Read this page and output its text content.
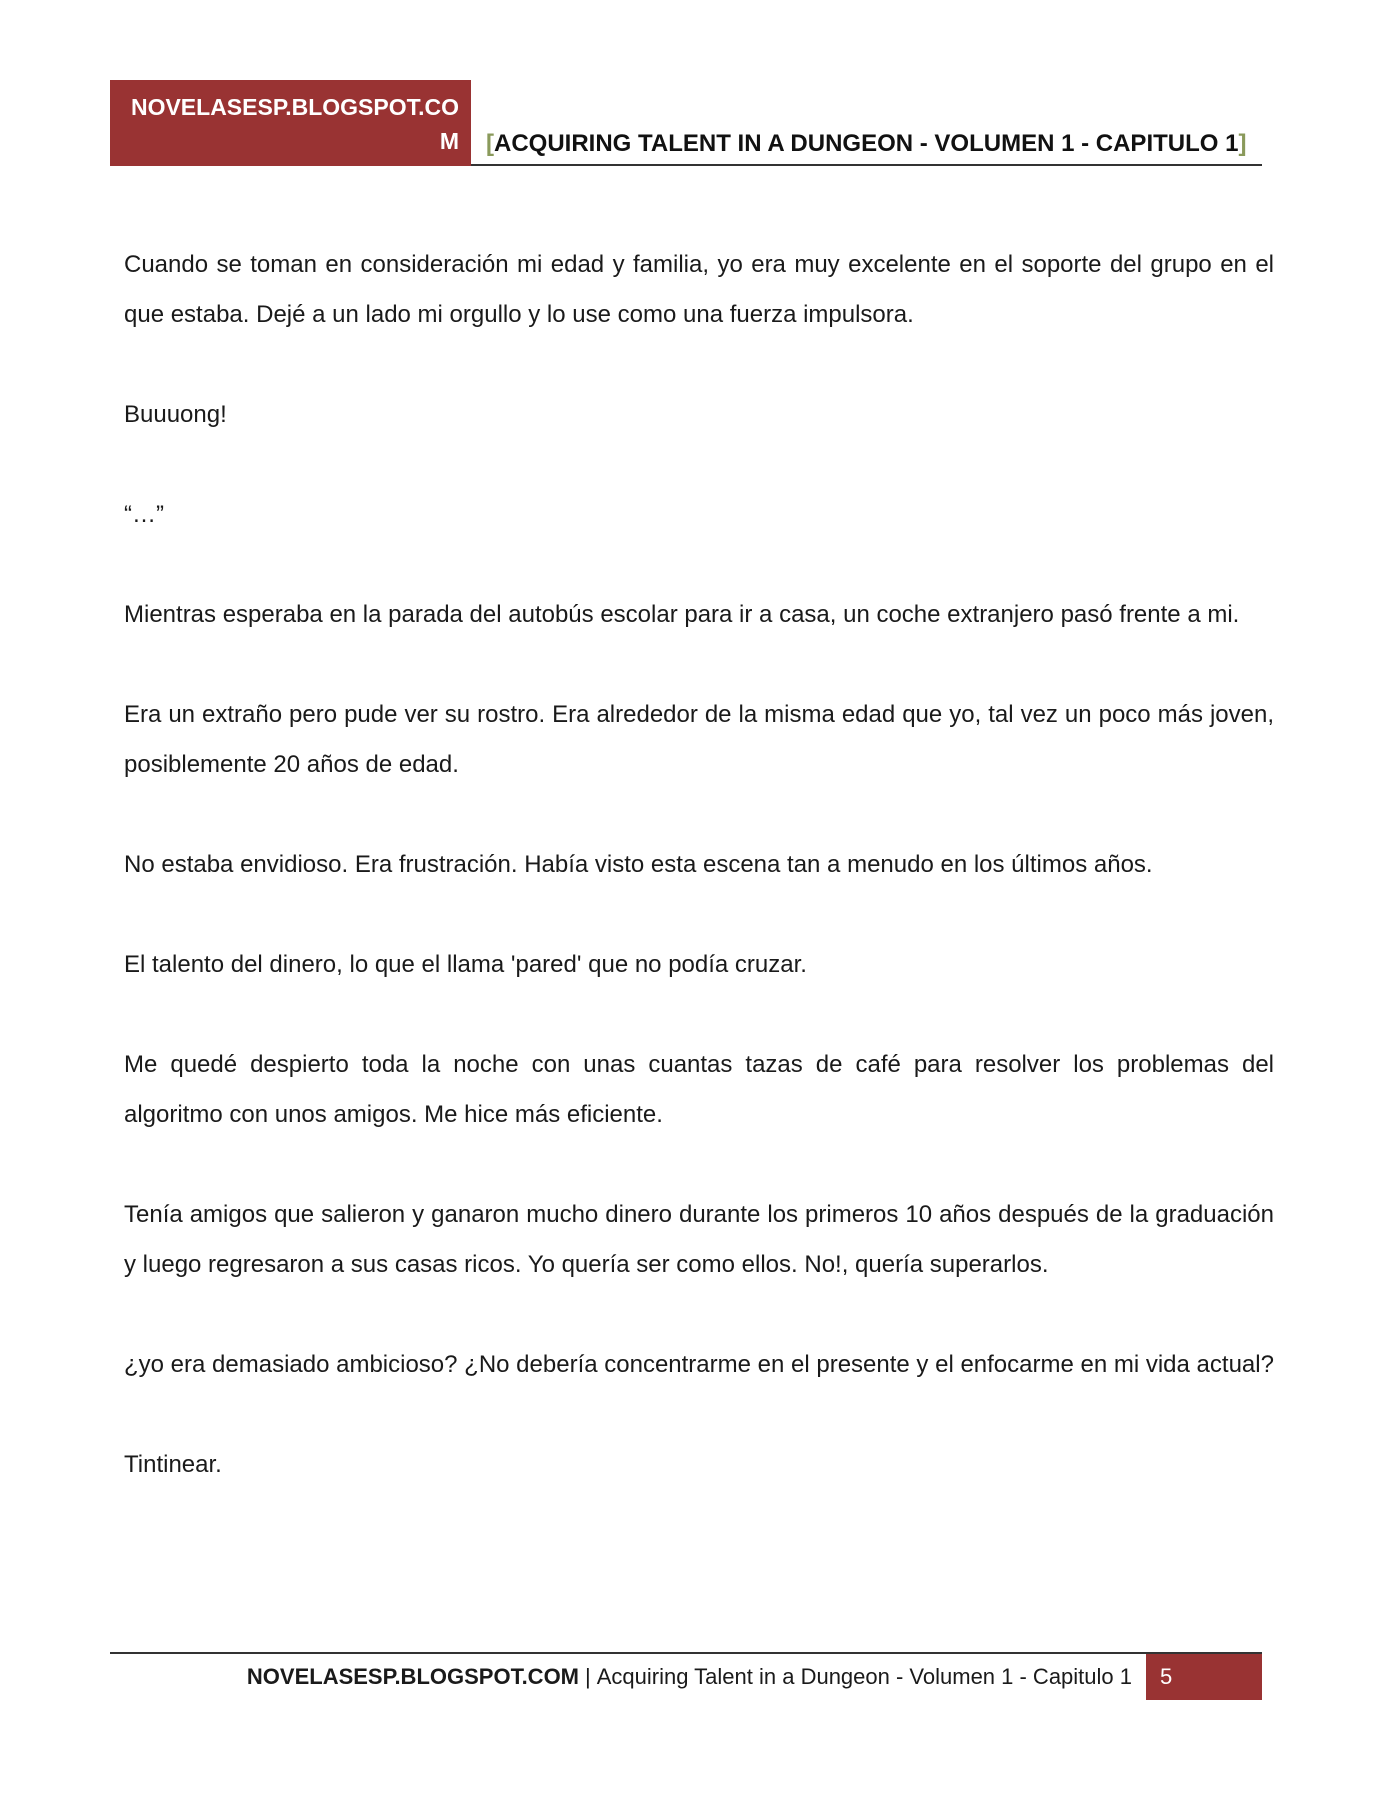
NOVELASESP.BLOGSPOT.COM	[ACQUIRING TALENT IN A DUNGEON - VOLUMEN 1 - CAPITULO 1]

Cuando se toman en consideración mi edad y familia, yo era muy excelente en el soporte del grupo en el que estaba. Dejé a un lado mi orgullo y lo use como una fuerza impulsora.

Buuuong!

“…”

Mientras esperaba en la parada del autobús escolar para ir a casa, un coche extranjero pasó frente a mi.

Era un extraño pero pude ver su rostro. Era alrededor de la misma edad que yo, tal vez un poco más joven, posiblemente 20 años de edad.

No estaba envidioso. Era frustración. Había visto esta escena tan a menudo en los últimos años.

El talento del dinero, lo que el llama 'pared' que no podía cruzar.

Me quedé despierto toda la noche con unas cuantas tazas de café para resolver los problemas del algoritmo con unos amigos. Me hice más eficiente.

Tenía amigos que salieron y ganaron mucho dinero durante los primeros 10 años después de la graduación y luego regresaron a sus casas ricos. Yo quería ser como ellos. No!, quería superarlos.

¿yo era demasiado ambicioso? ¿No debería concentrarme en el presente y el enfocarme en mi vida actual?

Tintinear.

NOVELASESP.BLOGSPOT.COM | Acquiring Talent in a Dungeon - Volumen 1 - Capitulo 1	5
